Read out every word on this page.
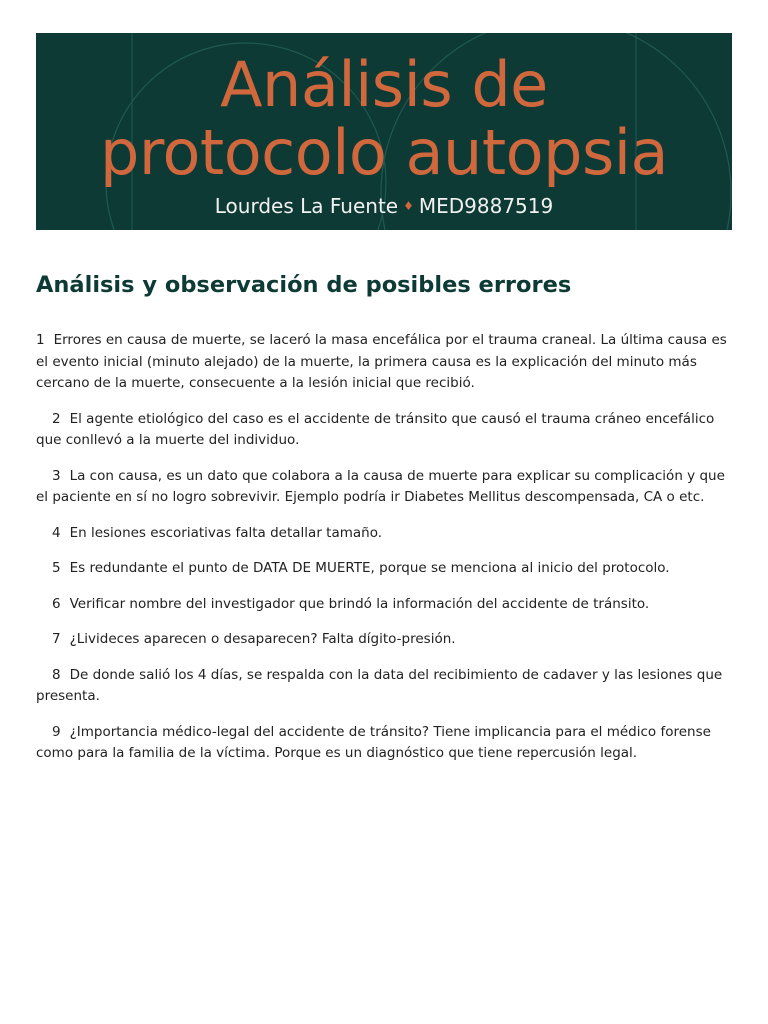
Análisis de
protocolo autopsia
Lourdes La Fuente ♦ MED9887519
Análisis y observación de posibles errores

1 Errores en causa de muerte, se laceró la masa encefálica por el trauma craneal. La última causa es el evento inicial (minuto alejado) de la muerte, la primera causa es la explicación del minuto más cercano de la muerte, consecuente a la lesión inicial que recibió.

2 El agente etiológico del caso es el accidente de tránsito que causó el trauma cráneo encefálico que conllevó a la muerte del individuo.

3 La con causa, es un dato que colabora a la causa de muerte para explicar su complicación y que el paciente en sí no logro sobrevivir. Ejemplo podría ir Diabetes Mellitus descompensada, CA o etc.

4 En lesiones escoriativas falta detallar tamaño.

5 Es redundante el punto de DATA DE MUERTE, porque se menciona al inicio del protocolo.

6 Verificar nombre del investigador que brindó la información del accidente de tránsito.

7 ¿Livideces aparecen o desaparecen? Falta dígito-presión.

8 De donde salió los 4 días, se respalda con la data del recibimiento de cadaver y las lesiones que presenta.

9 ¿Importancia médico-legal del accidente de tránsito? Tiene implicancia para el médico forense como para la familia de la víctima. Porque es un diagnóstico que tiene repercusión legal.
